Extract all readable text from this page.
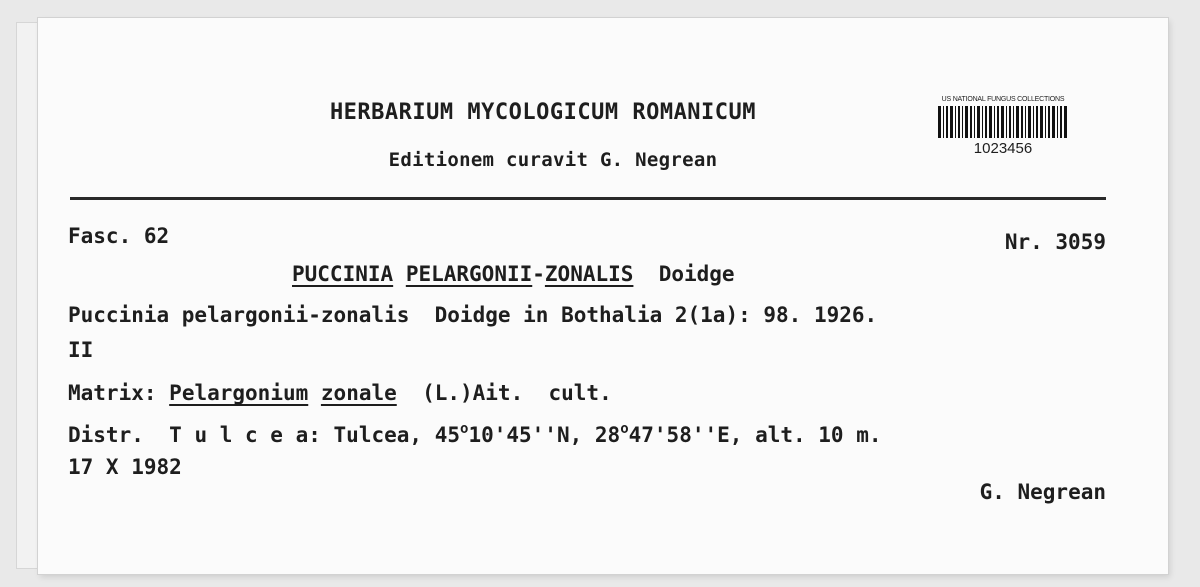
HERBARIUM MYCOLOGICUM ROMANICUM
Editionem curavit G. Negrean
US NATIONAL FUNGUS COLLECTIONS
1023456
Fasc. 62	Nr. 3059
PUCCINIA PELARGONII-ZONALIS Doidge
Puccinia pelargonii-zonalis  Doidge in Bothalia 2(1a): 98. 1926.
II
Matrix: Pelargonium zonale (L.)Ait.  cult.
Distr. T u l c e a: Tulcea, 45$^o$10'45''N, 28$^o$47'58''E, alt. 10 m.
17 X 1982
G. Negrean
